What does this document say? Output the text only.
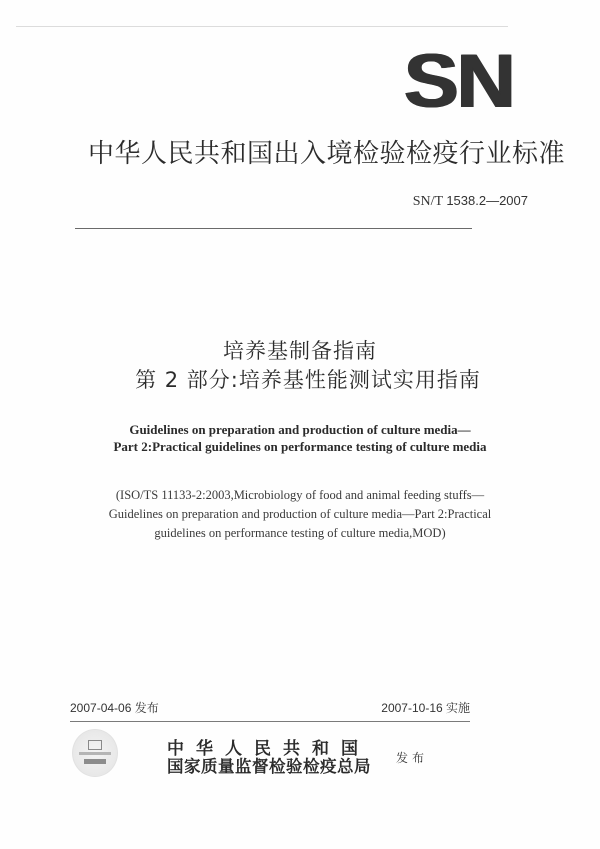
SN
中华人民共和国出入境检验检疫行业标准
SN/T 1538.2—2007
培养基制备指南
第 2 部分:培养基性能测试实用指南
Guidelines on preparation and production of culture media—
Part 2:Practical guidelines on performance testing of culture media
(ISO/TS 11133-2:2003,Microbiology of food and animal feeding stuffs—
Guidelines on preparation and production of culture media—Part 2:Practical
guidelines on performance testing of culture media,MOD)
2007-04-06 发布	2007-10-16 实施
中华人民共和国
国家质量监督检验检疫总局 发布
